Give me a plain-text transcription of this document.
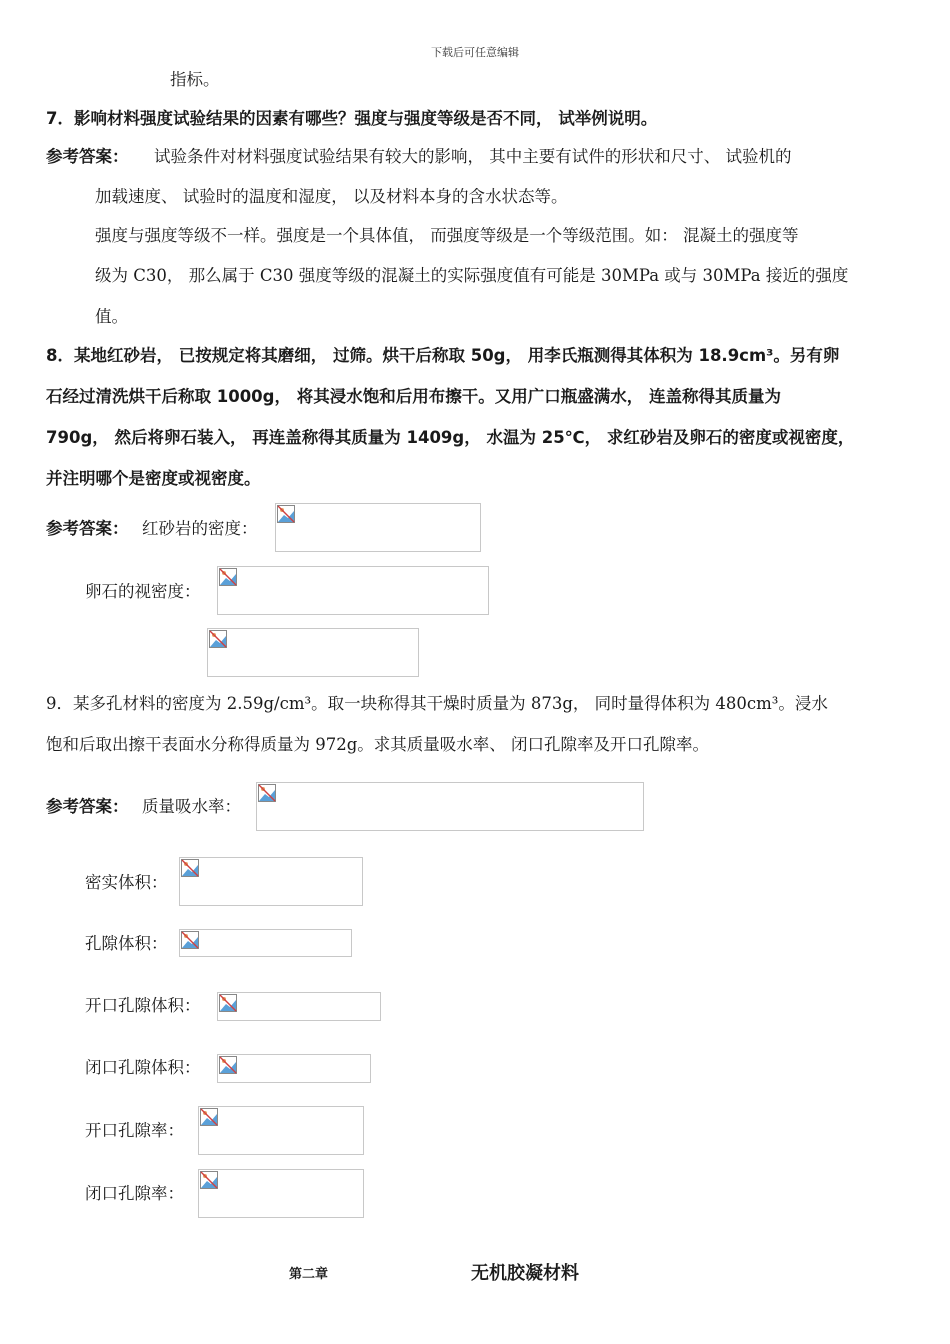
下载后可任意编辑
指标。
7．影响材料强度试验结果的因素有哪些？强度与强度等级是否不同， 试举例说明。
参考答案： 试验条件对材料强度试验结果有较大的影响， 其中主要有试件的形状和尺寸、 试验机的
加载速度、 试验时的温度和湿度， 以及材料本身的含水状态等。
强度与强度等级不一样。强度是一个具体值， 而强度等级是一个等级范围。如： 混凝土的强度等
级为 C30， 那么属于 C30 强度等级的混凝土的实际强度值有可能是 30MPa 或与 30MPa 接近的强度
值。
8．某地红砂岩， 已按规定将其磨细， 过筛。烘干后称取 50g， 用李氏瓶测得其体积为 18.9cm³。另有卵
石经过清洗烘干后称取 1000g， 将其浸水饱和后用布擦干。又用广口瓶盛满水， 连盖称得其质量为
790g， 然后将卵石装入， 再连盖称得其质量为 1409g， 水温为 25℃， 求红砂岩及卵石的密度或视密度，
并注明哪个是密度或视密度。
参考答案： 红砂岩的密度：
卵石的视密度：
9．某多孔材料的密度为 2.59g/cm³。取一块称得其干燥时质量为 873g， 同时量得体积为 480cm³。浸水
饱和后取出擦干表面水分称得质量为 972g。求其质量吸水率、 闭口孔隙率及开口孔隙率。
参考答案： 质量吸水率：
密实体积：
孔隙体积：
开口孔隙体积：
闭口孔隙体积：
开口孔隙率：
闭口孔隙率：
第二章	无机胶凝材料
